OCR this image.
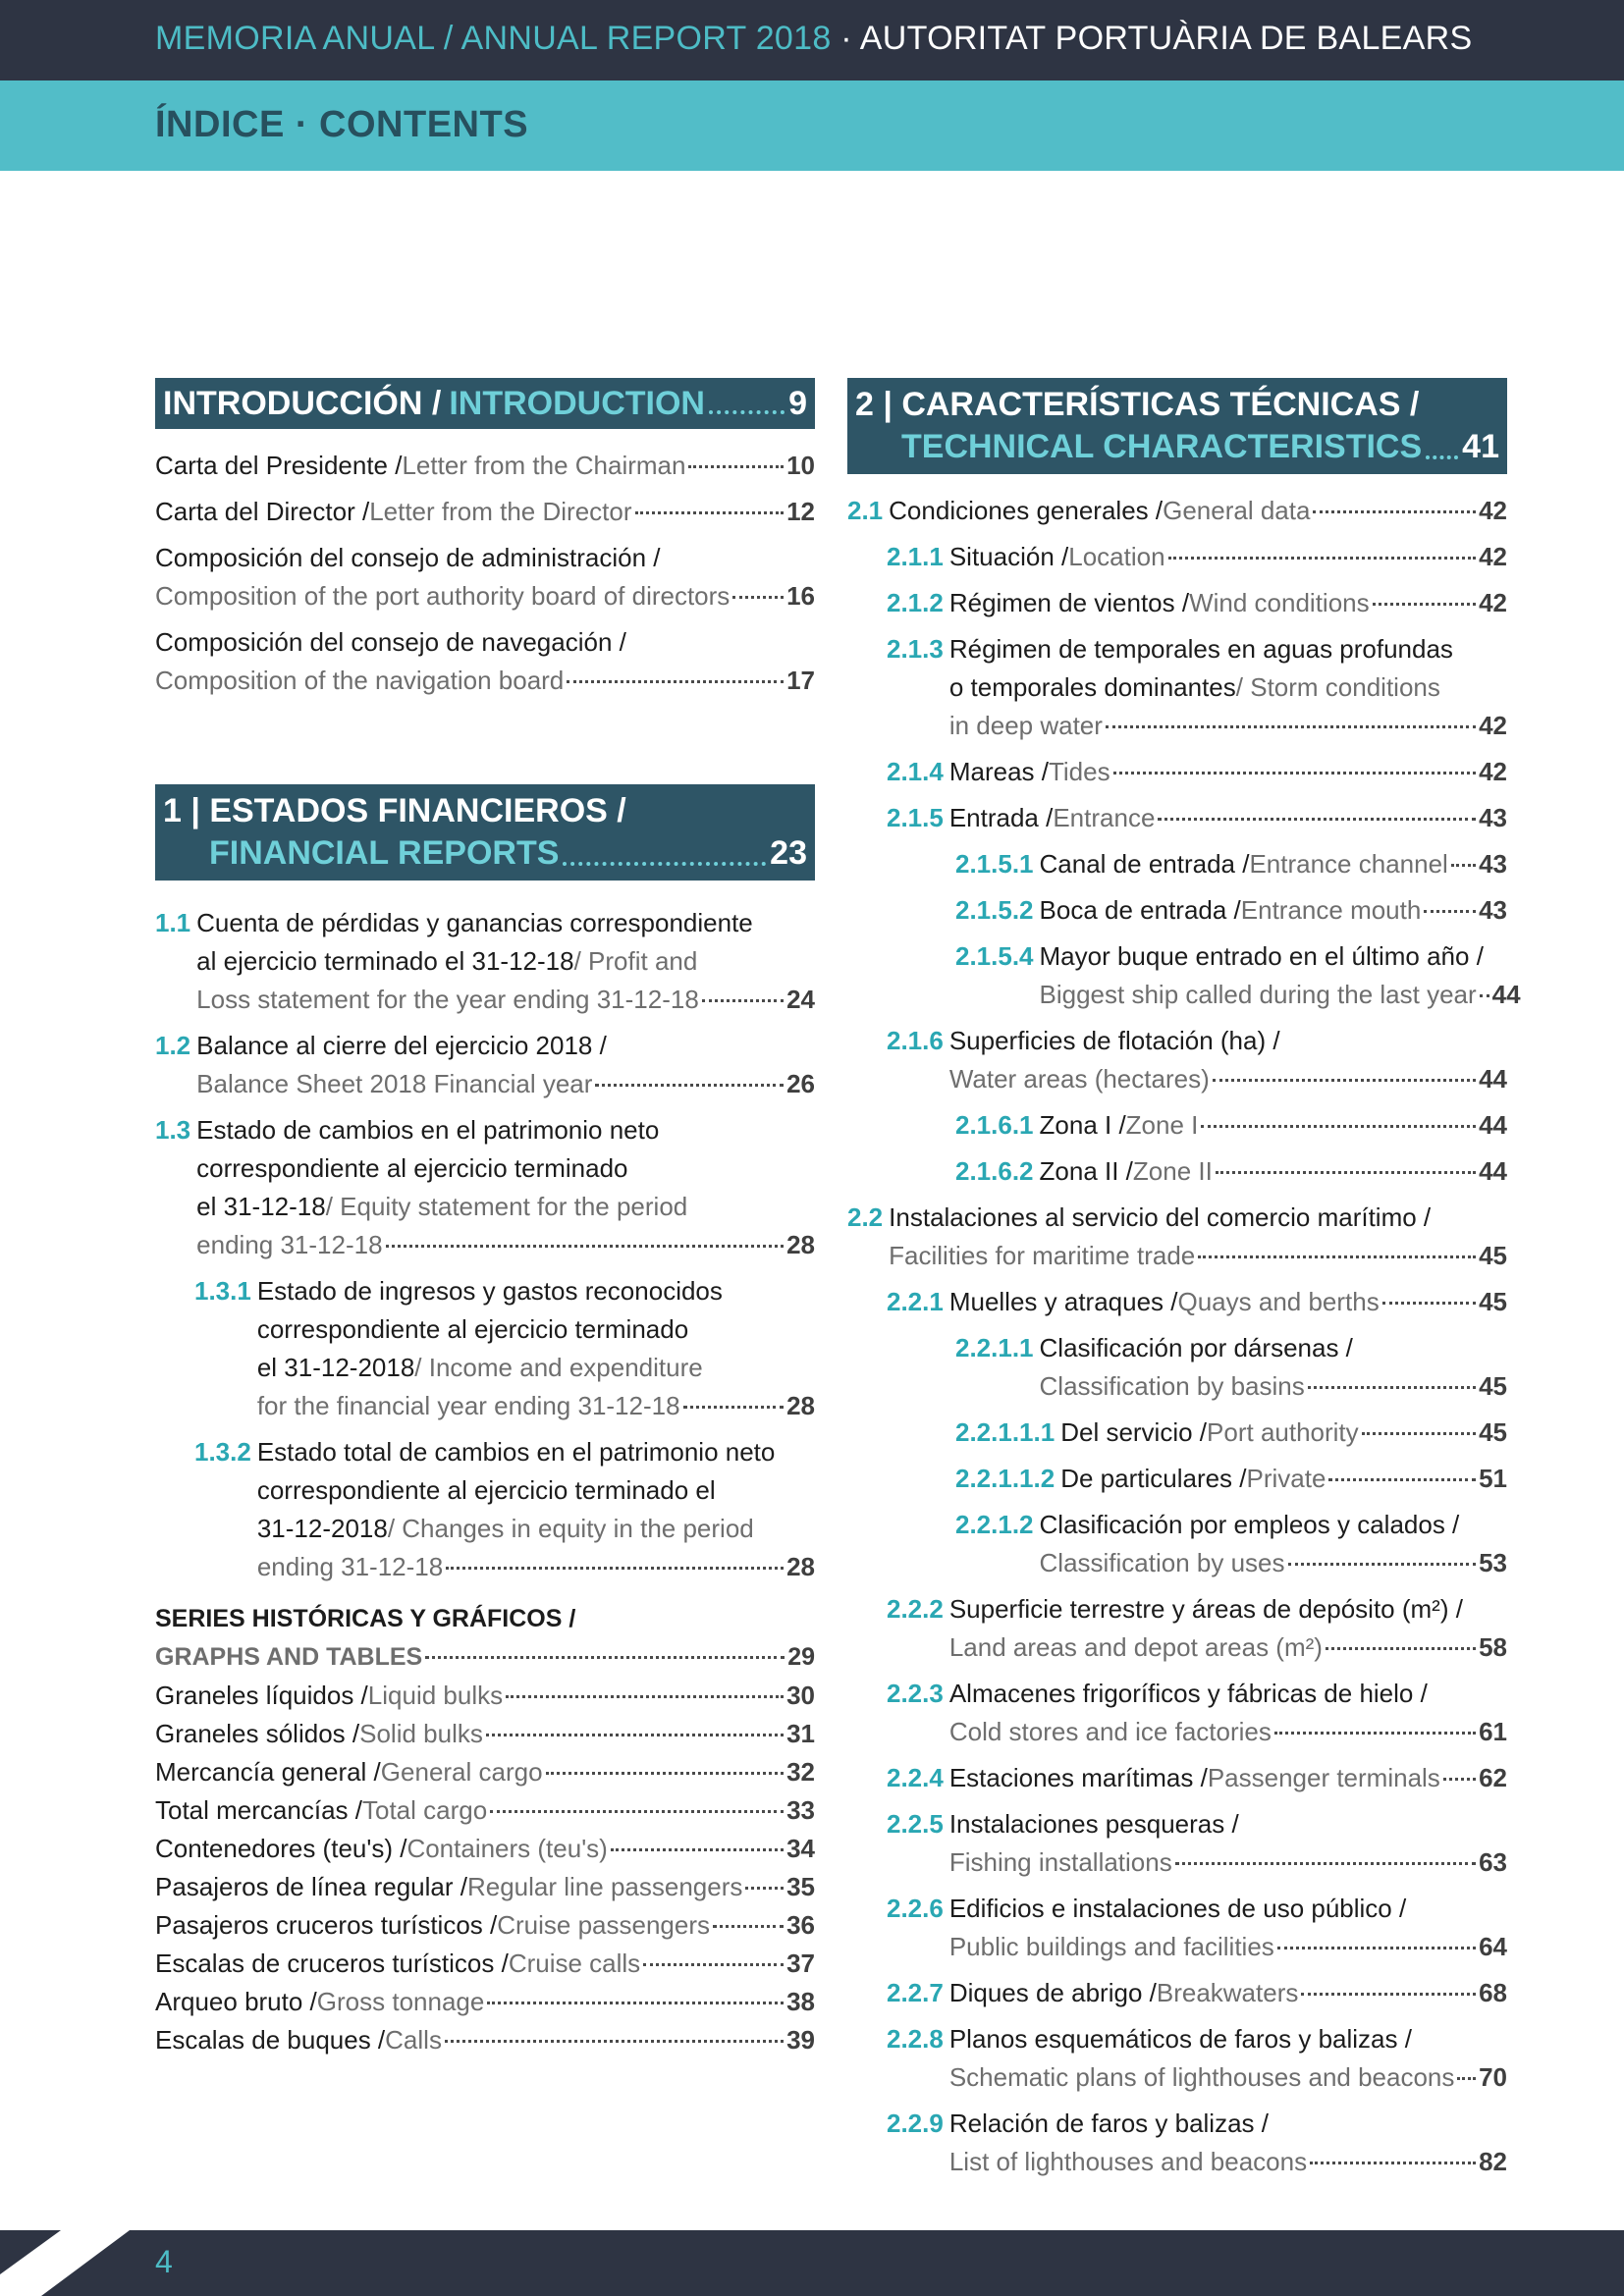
MEMORIA ANUAL / ANNUAL REPORT 2018 · AUTORITAT PORTUÀRIA DE BALEARS
ÍNDICE · CONTENTS
INTRODUCCIÓN / INTRODUCTION	9
Carta del Presidente / Letter from the Chairman	10
Carta del Director / Letter from the Director	12
Composición del consejo de administración /
Composition of the port authority board of directors 16
Composición del consejo de navegación /
Composition of the navigation board	17
1 | ESTADOS FINANCIEROS /
FINANCIAL REPORTS	23
1.1 Cuenta de pérdidas y ganancias correspondiente
al ejercicio terminado el 31-12-18 / Profit and
Loss statement for the year ending 31-12-18	24
1.2 Balance al cierre del ejercicio 2018 /
Balance Sheet 2018 Financial year	26
1.3 Estado de cambios en el patrimonio neto
correspondiente al ejercicio terminado
el 31-12-18 / Equity statement for the period
ending 31-12-18	28
1.3.1 Estado de ingresos y gastos reconocidos
correspondiente al ejercicio terminado
el 31-12-2018 / Income and expenditure
for the financial year ending 31-12-18	28
1.3.2 Estado total de cambios en el patrimonio neto
correspondiente al ejercicio terminado el
31-12-2018 / Changes in equity in the period
ending 31-12-18	28
SERIES HISTÓRICAS Y GRÁFICOS /
GRAPHS AND TABLES	29
Graneles líquidos / Liquid bulks	30
Graneles sólidos / Solid bulks	31
Mercancía general / General cargo	32
Total mercancías / Total cargo	33
Contenedores (teu's) / Containers (teu's)	34
Pasajeros de línea regular / Regular line passengers 35
Pasajeros cruceros turísticos / Cruise passengers	36
Escalas de cruceros turísticos / Cruise calls	37
Arqueo bruto / Gross tonnage	38
Escalas de buques / Calls	39
2 | CARACTERÍSTICAS TÉCNICAS /
TECHNICAL CHARACTERISTICS 41
2.1 Condiciones generales / General data	42
2.1.1 Situación / Location	42
2.1.2 Régimen de vientos / Wind conditions	42
2.1.3 Régimen de temporales en aguas profundas
o temporales dominantes / Storm conditions
in deep water	42
2.1.4 Mareas / Tides	42
2.1.5 Entrada / Entrance	43
2.1.5.1 Canal de entrada / Entrance channel 43
2.1.5.2 Boca de entrada / Entrance mouth 43
2.1.5.4 Mayor buque entrado en el último año /
Biggest ship called during the last year 44
2.1.6 Superficies de flotación (ha) /
Water areas (hectares)	44
2.1.6.1 Zona I / Zone I	44
2.1.6.2 Zona II / Zone II	44
2.2 Instalaciones al servicio del comercio marítimo /
Facilities for maritime trade	45
2.2.1 Muelles y atraques / Quays and berths	45
2.2.1.1 Clasificación por dársenas /
Classification by basins	45
2.2.1.1.1 Del servicio / Port authority	45
2.2.1.1.2 De particulares / Private	51
2.2.1.2 Clasificación por empleos y calados /
Classification by uses	53
2.2.2 Superficie terrestre y áreas de depósito (m²) /
Land areas and depot areas (m²)	58
2.2.3 Almacenes frigoríficos y fábricas de hielo /
Cold stores and ice factories	61
2.2.4 Estaciones marítimas / Passenger terminals 62
2.2.5 Instalaciones pesqueras /
Fishing installations	63
2.2.6 Edificios e instalaciones de uso público /
Public buildings and facilities	64
2.2.7 Diques de abrigo / Breakwaters	68
2.2.8 Planos esquemáticos de faros y balizas /
Schematic plans of lighthouses and beacons 70
2.2.9 Relación de faros y balizas /
List of lighthouses and beacons	82
4
